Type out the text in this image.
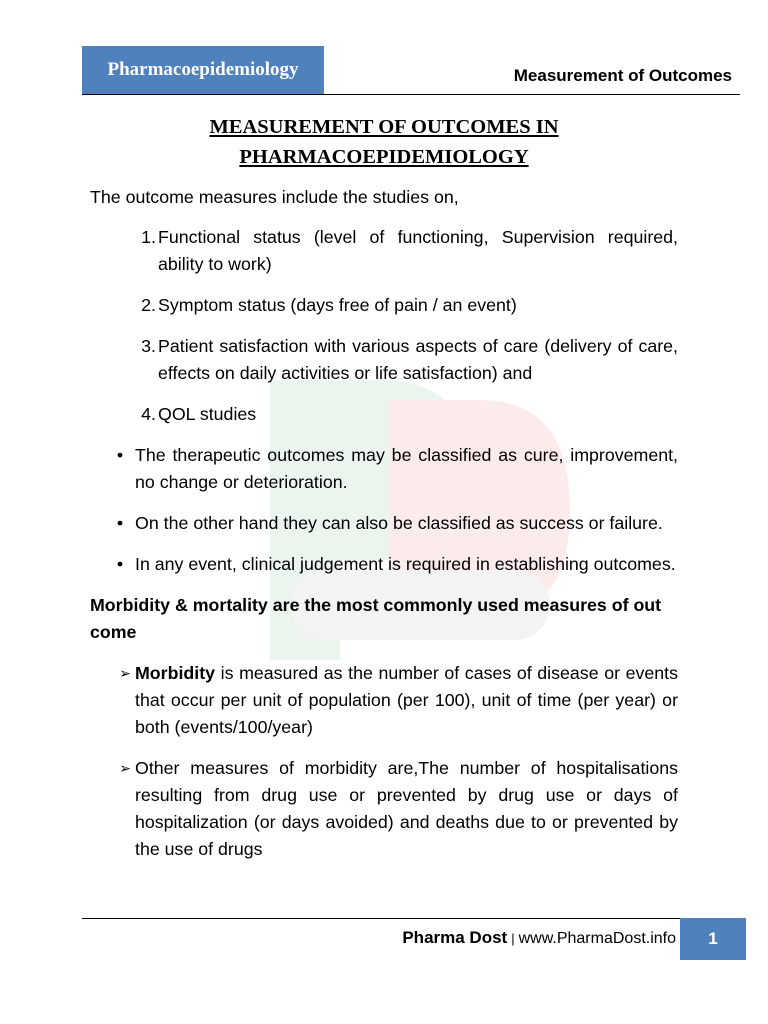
Pharmacoepidemiology	Measurement of Outcomes
MEASUREMENT OF OUTCOMES IN
PHARMACOEPIDEMIOLOGY

The outcome measures include the studies on,

1. Functional status (level of functioning, Supervision required, ability to work)
2. Symptom status (days free of pain / an event)
3. Patient satisfaction with various aspects of care (delivery of care, effects on daily activities or life satisfaction) and
4. QOL studies
• The therapeutic outcomes may be classified as cure, improvement, no change or deterioration.
• On the other hand they can also be classified as success or failure.
• In any event, clinical judgement is required in establishing outcomes.

Morbidity & mortality are the most commonly used measures of out come

➢ Morbidity is measured as the number of cases of disease or events that occur per unit of population (per 100), unit of time (per year) or both (events/100/year)
➢ Other measures of morbidity are,The number of hospitalisations resulting from drug use or prevented by drug use or days of hospitalization (or days avoided) and deaths due to or prevented by the use of drugs
Pharma Dost | www.PharmaDost.info	1
